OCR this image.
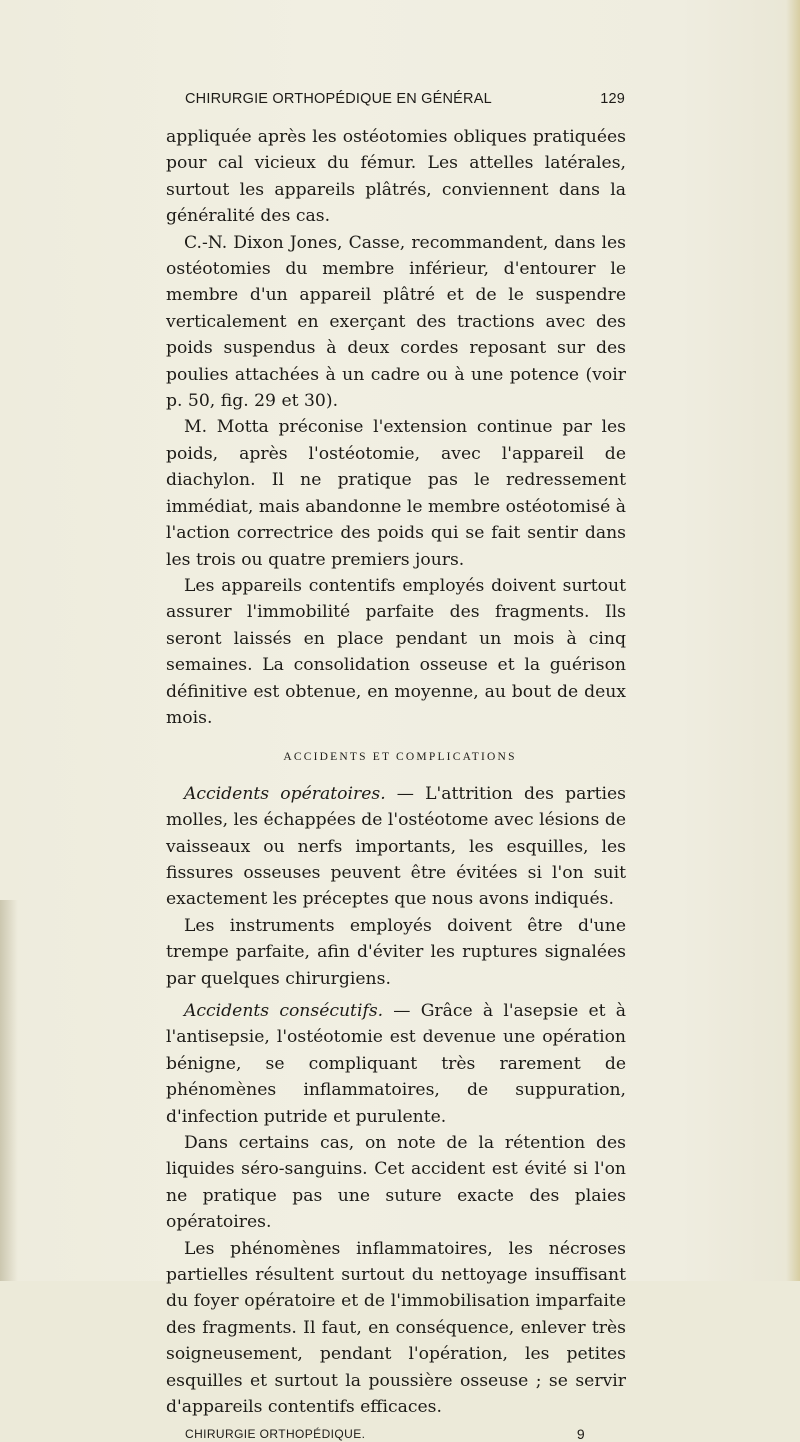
CHIRURGIE ORTHOPÉDIQUE EN GÉNÉRAL	129

appliquée après les ostéotomies obliques pratiquées pour cal vicieux du fémur. Les attelles latérales, surtout les appareils plâtrés, conviennent dans la généralité des cas.

C.-N. Dixon Jones, Casse, recommandent, dans les ostéotomies du membre inférieur, d'entourer le membre d'un appareil plâtré et de le suspendre verticalement en exerçant des tractions avec des poids suspendus à deux cordes reposant sur des poulies attachées à un cadre ou à une potence (voir p. 50, fig. 29 et 30).

M. Motta préconise l'extension continue par les poids, après l'ostéotomie, avec l'appareil de diachylon. Il ne pratique pas le redressement immédiat, mais abandonne le membre ostéotomisé à l'action correctrice des poids qui se fait sentir dans les trois ou quatre premiers jours.

Les appareils contentifs employés doivent surtout assurer l'immobilité parfaite des fragments. Ils seront laissés en place pendant un mois à cinq semaines. La consolidation osseuse et la guérison définitive est obtenue, en moyenne, au bout de deux mois.

ACCIDENTS ET COMPLICATIONS

Accidents opératoires. — L'attrition des parties molles, les échappées de l'ostéotome avec lésions de vaisseaux ou nerfs importants, les esquilles, les fissures osseuses peuvent être évitées si l'on suit exactement les préceptes que nous avons indiqués.

Les instruments employés doivent être d'une trempe parfaite, afin d'éviter les ruptures signalées par quelques chirurgiens.

Accidents consécutifs. — Grâce à l'asepsie et à l'antisepsie, l'ostéotomie est devenue une opération bénigne, se compliquant très rarement de phénomènes inflammatoires, de suppuration, d'infection putride et purulente.

Dans certains cas, on note de la rétention des liquides séro-sanguins. Cet accident est évité si l'on ne pratique pas une suture exacte des plaies opératoires.

Les phénomènes inflammatoires, les nécroses partielles résultent surtout du nettoyage insuffisant du foyer opératoire et de l'immobilisation imparfaite des fragments. Il faut, en conséquence, enlever très soigneusement, pendant l'opération, les petites esquilles et surtout la poussière osseuse ; se servir d'appareils contentifs efficaces.

CHIRURGIE ORTHOPÉDIQUE.	9
